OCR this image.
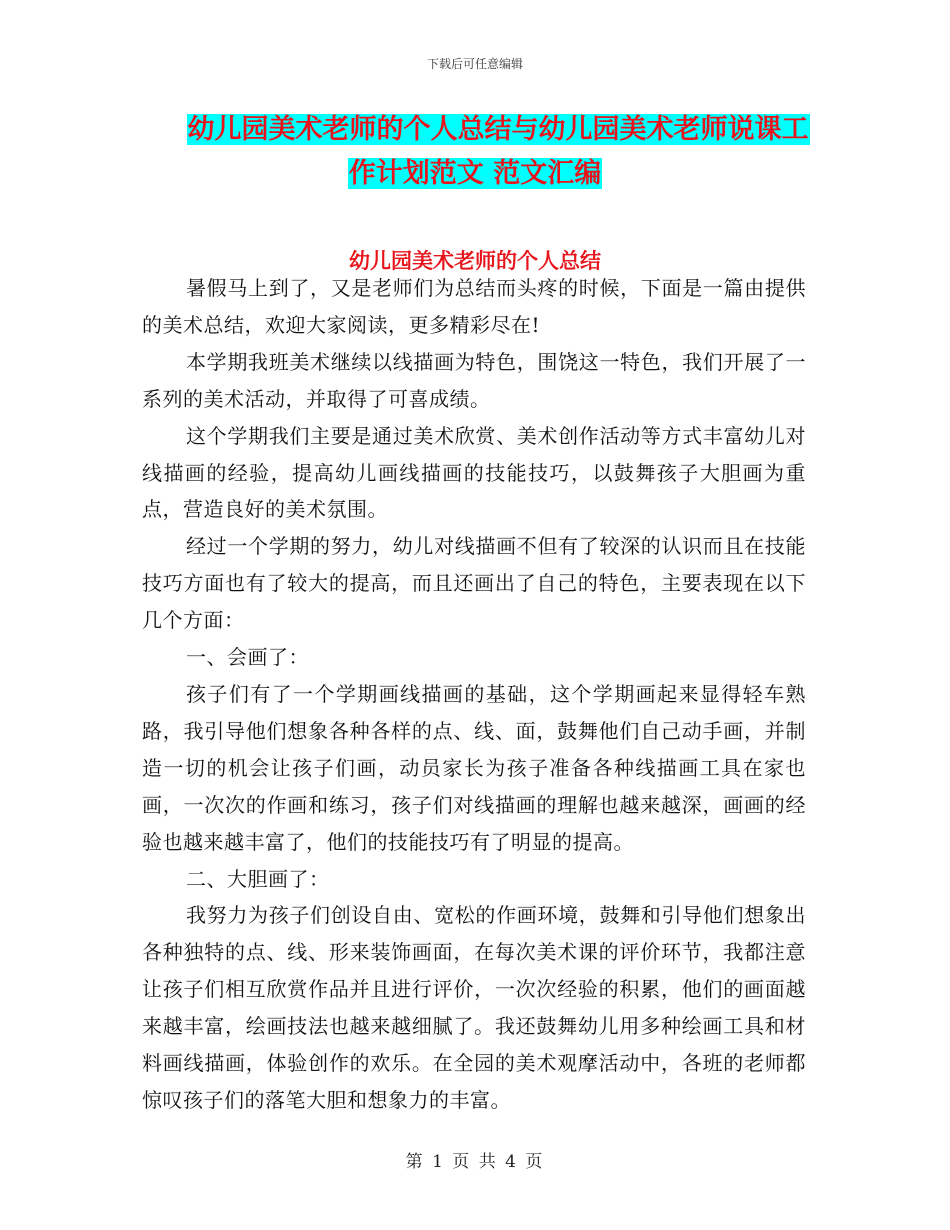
下载后可任意编辑
幼儿园美术老师的个人总结与幼儿园美术老师说课工
作计划范文 范文汇编
幼儿园美术老师的个人总结

暑假马上到了，又是老师们为总结而头疼的时候，下面是一篇由提供的美术总结，欢迎大家阅读，更多精彩尽在!

本学期我班美术继续以线描画为特色，围饶这一特色，我们开展了一系列的美术活动，并取得了可喜成绩。

这个学期我们主要是通过美术欣赏、美术创作活动等方式丰富幼儿对线描画的经验，提高幼儿画线描画的技能技巧，以鼓舞孩子大胆画为重点，营造良好的美术氛围。

经过一个学期的努力，幼儿对线描画不但有了较深的认识而且在技能技巧方面也有了较大的提高，而且还画出了自己的特色，主要表现在以下几个方面：

一、会画了：

孩子们有了一个学期画线描画的基础，这个学期画起来显得轻车熟路，我引导他们想象各种各样的点、线、面，鼓舞他们自己动手画，并制造一切的机会让孩子们画，动员家长为孩子准备各种线描画工具在家也画，一次次的作画和练习，孩子们对线描画的理解也越来越深，画画的经验也越来越丰富了，他们的技能技巧有了明显的提高。

二、大胆画了：

我努力为孩子们创设自由、宽松的作画环境，鼓舞和引导他们想象出各种独特的点、线、形来装饰画面，在每次美术课的评价环节，我都注意让孩子们相互欣赏作品并且进行评价，一次次经验的积累，他们的画面越来越丰富，绘画技法也越来越细腻了。我还鼓舞幼儿用多种绘画工具和材料画线描画，体验创作的欢乐。在全园的美术观摩活动中，各班的老师都惊叹孩子们的落笔大胆和想象力的丰富。

第 1 页 共 4 页
